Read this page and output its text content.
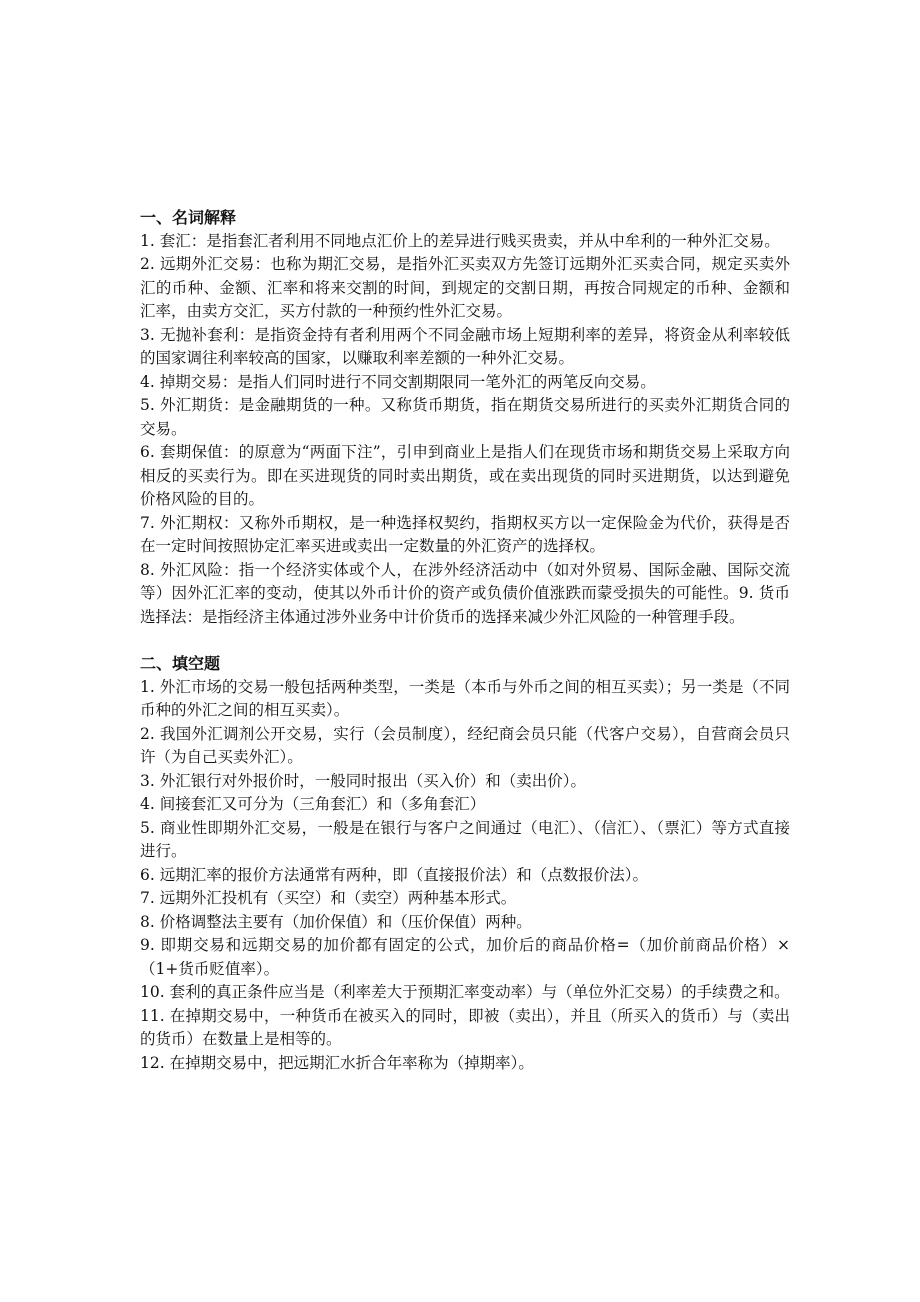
一、名词解释

1. 套汇：是指套汇者利用不同地点汇价上的差异进行贱买贵卖，并从中牟利的一种外汇交易。

2. 远期外汇交易：也称为期汇交易，是指外汇买卖双方先签订远期外汇买卖合同，规定买卖外汇的币种、金额、汇率和将来交割的时间，到规定的交割日期，再按合同规定的币种、金额和汇率，由卖方交汇，买方付款的一种预约性外汇交易。

3. 无抛补套利：是指资金持有者利用两个不同金融市场上短期利率的差异，将资金从利率较低的国家调往利率较高的国家，以赚取利率差额的一种外汇交易。

4. 掉期交易：是指人们同时进行不同交割期限同一笔外汇的两笔反向交易。

5. 外汇期货：是金融期货的一种。又称货币期货，指在期货交易所进行的买卖外汇期货合同的交易。

6. 套期保值：的原意为“两面下注”，引申到商业上是指人们在现货市场和期货交易上采取方向相反的买卖行为。即在买进现货的同时卖出期货，或在卖出现货的同时买进期货，以达到避免价格风险的目的。

7. 外汇期权：又称外币期权，是一种选择权契约，指期权买方以一定保险金为代价，获得是否在一定时间按照协定汇率买进或卖出一定数量的外汇资产的选择权。

8. 外汇风险：指一个经济实体或个人，在涉外经济活动中（如对外贸易、国际金融、国际交流等）因外汇汇率的变动，使其以外币计价的资产或负债价值涨跌而蒙受损失的可能性。9. 货币选择法：是指经济主体通过涉外业务中计价货币的选择来减少外汇风险的一种管理手段。

二、填空题

1. 外汇市场的交易一般包括两种类型，一类是（本币与外币之间的相互买卖）；另一类是（不同币种的外汇之间的相互买卖）。

2. 我国外汇调剂公开交易，实行（会员制度），经纪商会员只能（代客户交易），自营商会员只许（为自己买卖外汇）。

3. 外汇银行对外报价时，一般同时报出（买入价）和（卖出价）。

4. 间接套汇又可分为（三角套汇）和（多角套汇）

5. 商业性即期外汇交易，一般是在银行与客户之间通过（电汇）、（信汇）、（票汇）等方式直接进行。

6. 远期汇率的报价方法通常有两种，即（直接报价法）和（点数报价法）。

7. 远期外汇投机有（买空）和（卖空）两种基本形式。

8. 价格调整法主要有（加价保值）和（压价保值）两种。

9. 即期交易和远期交易的加价都有固定的公式，加价后的商品价格=（加价前商品价格）×（1+货币贬值率）。

10. 套利的真正条件应当是（利率差大于预期汇率变动率）与（单位外汇交易）的手续费之和。

11. 在掉期交易中，一种货币在被买入的同时，即被（卖出），并且（所买入的货币）与（卖出的货币）在数量上是相等的。

12. 在掉期交易中，把远期汇水折合年率称为（掉期率）。
